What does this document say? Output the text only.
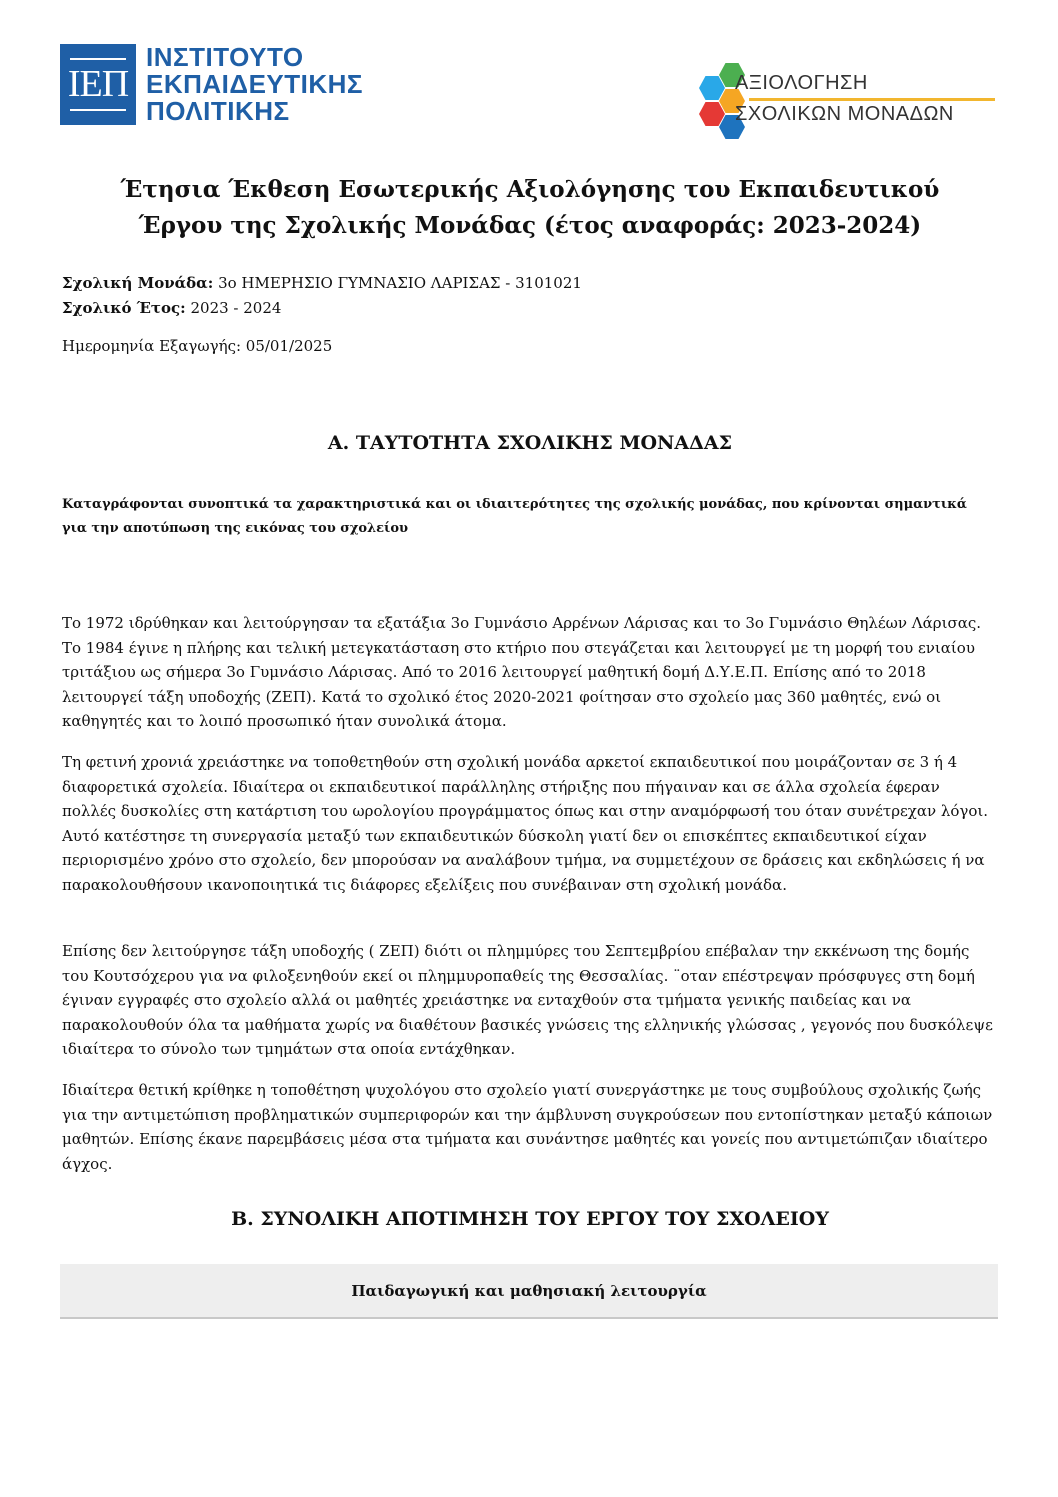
ΙΕΠ
ΙΝΣΤΙΤΟΥΤΟ
ΕΚΠΑΙΔΕΥΤΙΚΗΣ
ΠΟΛΙΤΙΚΗΣ
ΑΞΙΟΛΟΓΗΣΗ
ΣΧΟΛΙΚΩΝ ΜΟΝΑΔΩΝ
Έτησια Έκθεση Εσωτερικής Αξιολόγησης του Εκπαιδευτικού
Έργου της Σχολικής Μονάδας (έτος αναφοράς: 2023-2024)
Σχολική Μονάδα: 3ο ΗΜΕΡΗΣΙΟ ΓΥΜΝΑΣΙΟ ΛΑΡΙΣΑΣ - 3101021
Σχολικό Έτος: 2023 - 2024
Ημερομηνία Εξαγωγής: 05/01/2025
Α. ΤΑΥΤΟΤΗΤΑ ΣΧΟΛΙΚΗΣ ΜΟΝΑΔΑΣ
Καταγράφονται συνοπτικά τα χαρακτηριστικά και οι ιδιαιτερότητες της σχολικής μονάδας, που κρίνονται σημαντικά για την αποτύπωση της εικόνας του σχολείου
Το 1972 ιδρύθηκαν και λειτούργησαν τα εξατάξια 3ο Γυμνάσιο Αρρένων Λάρισας και το 3ο Γυμνάσιο Θηλέων Λάρισας. Το 1984 έγινε η πλήρης και τελική μετεγκατάσταση στο κτήριο που στεγάζεται και λειτουργεί με τη μορφή του ενιαίου τριτάξιου ως σήμερα 3ο Γυμνάσιο Λάρισας. Από το 2016 λειτουργεί μαθητική δομή Δ.Υ.Ε.Π. Επίσης από το 2018 λειτουργεί τάξη υποδοχής (ΖΕΠ). Κατά το σχολικό έτος 2020-2021 φοίτησαν στο σχολείο μας 360 μαθητές, ενώ οι καθηγητές και το λοιπό προσωπικό ήταν συνολικά άτομα.
Τη φετινή χρονιά χρειάστηκε να τοποθετηθούν στη σχολική μονάδα αρκετοί εκπαιδευτικοί που μοιράζονταν σε 3 ή 4 διαφορετικά σχολεία. Ιδιαίτερα οι εκπαιδευτικοί παράλληλης στήριξης που πήγαιναν και σε άλλα σχολεία έφεραν πολλές δυσκολίες στη κατάρτιση του ωρολογίου προγράμματος όπως και στην αναμόρφωσή του όταν συνέτρεχαν λόγοι. Αυτό κατέστησε τη συνεργασία μεταξύ των εκπαιδευτικών δύσκολη γιατί δεν οι επισκέπτες εκπαιδευτικοί είχαν περιορισμένο χρόνο στο σχολείο, δεν μπορούσαν να αναλάβουν τμήμα, να συμμετέχουν σε δράσεις και εκδηλώσεις ή να παρακολουθήσουν ικανοποιητικά τις διάφορες εξελίξεις που συνέβαιναν στη σχολική μονάδα.
Επίσης δεν λειτούργησε τάξη υποδοχής ( ΖΕΠ) διότι οι πλημμύρες του Σεπτεμβρίου επέβαλαν την εκκένωση της δομής του Κουτσόχερου για να φιλοξενηθούν εκεί οι πλημμυροπαθείς της Θεσσαλίας. ¨οταν επέστρεψαν πρόσφυγες στη δομή έγιναν εγγραφές στο σχολείο αλλά οι μαθητές χρειάστηκε να ενταχθούν στα τμήματα γενικής παιδείας και να παρακολουθούν όλα τα μαθήματα χωρίς να διαθέτουν βασικές γνώσεις της ελληνικής γλώσσας , γεγονός που δυσκόλεψε ιδιαίτερα το σύνολο των τμημάτων στα οποία εντάχθηκαν.
Ιδιαίτερα θετική κρίθηκε η τοποθέτηση ψυχολόγου στο σχολείο γιατί συνεργάστηκε με τους συμβούλους σχολικής ζωής για την αντιμετώπιση προβληματικών συμπεριφορών και την άμβλυνση συγκρούσεων που εντοπίστηκαν μεταξύ κάποιων μαθητών. Επίσης έκανε παρεμβάσεις μέσα στα τμήματα και συνάντησε μαθητές και γονείς που αντιμετώπιζαν ιδιαίτερο άγχος.
Β. ΣΥΝΟΛΙΚΗ ΑΠΟΤΙΜΗΣΗ ΤΟΥ ΕΡΓΟΥ ΤΟΥ ΣΧΟΛΕΙΟΥ
Παιδαγωγική και μαθησιακή λειτουργία
